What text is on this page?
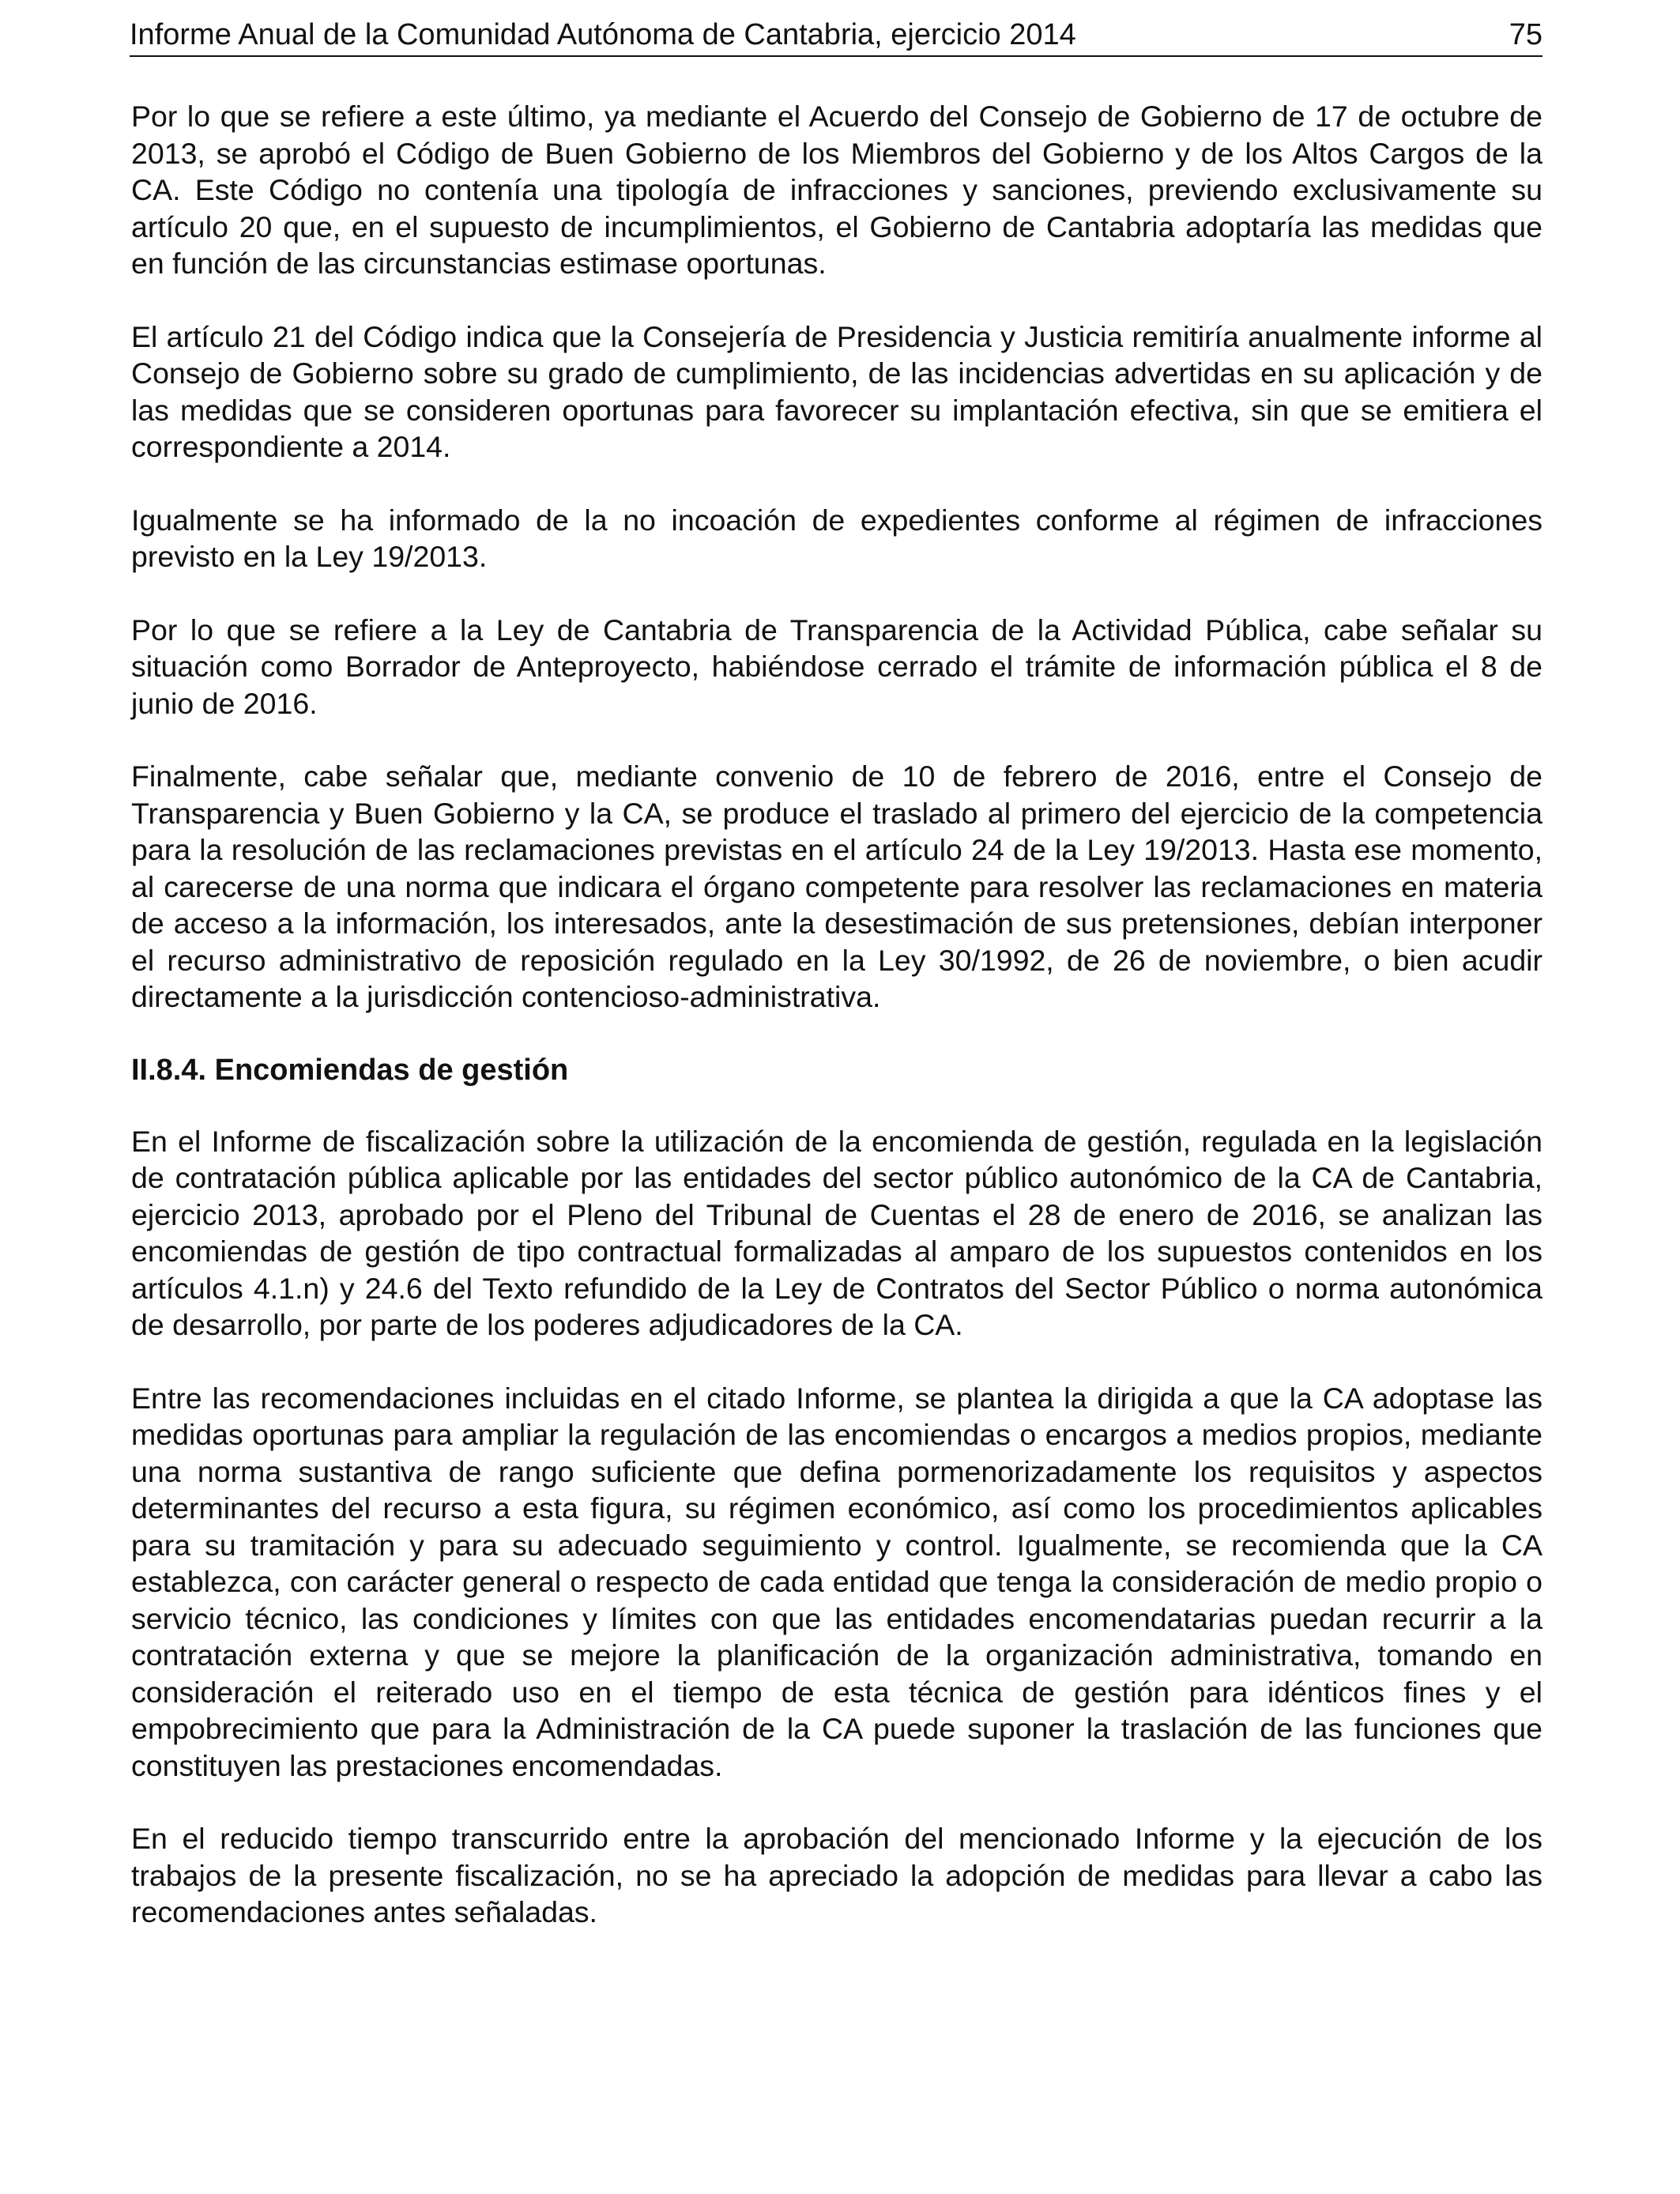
Informe Anual de la Comunidad Autónoma de Cantabria, ejercicio 2014	75

Por lo que se refiere a este último, ya mediante el Acuerdo del Consejo de Gobierno de 17 de octubre de 2013, se aprobó el Código de Buen Gobierno de los Miembros del Gobierno y de los Altos Cargos de la CA. Este Código no contenía una tipología de infracciones y sanciones, previendo exclusivamente su artículo 20 que, en el supuesto de incumplimientos, el Gobierno de Cantabria adoptaría las medidas que en función de las circunstancias estimase oportunas.

El artículo 21 del Código indica que la Consejería de Presidencia y Justicia remitiría anualmente informe al Consejo de Gobierno sobre su grado de cumplimiento, de las incidencias advertidas en su aplicación y de las medidas que se consideren oportunas para favorecer su implantación efectiva, sin que se emitiera el correspondiente a 2014.

Igualmente se ha informado de la no incoación de expedientes conforme al régimen de infracciones previsto en la Ley 19/2013.

Por lo que se refiere a la Ley de Cantabria de Transparencia de la Actividad Pública, cabe señalar su situación como Borrador de Anteproyecto, habiéndose cerrado el trámite de información pública el 8 de junio de 2016.

Finalmente, cabe señalar que, mediante convenio de 10 de febrero de 2016, entre el Consejo de Transparencia y Buen Gobierno y la CA, se produce el traslado al primero del ejercicio de la competencia para la resolución de las reclamaciones previstas en el artículo 24 de la Ley 19/2013. Hasta ese momento, al carecerse de una norma que indicara el órgano competente para resolver las reclamaciones en materia de acceso a la información, los interesados, ante la desestimación de sus pretensiones, debían interponer el recurso administrativo de reposición regulado en la Ley 30/1992, de 26 de noviembre, o bien acudir directamente a la jurisdicción contencioso-administrativa.

II.8.4. Encomiendas de gestión

En el Informe de fiscalización sobre la utilización de la encomienda de gestión, regulada en la legislación de contratación pública aplicable por las entidades del sector público autonómico de la CA de Cantabria, ejercicio 2013, aprobado por el Pleno del Tribunal de Cuentas el 28 de enero de 2016, se analizan las encomiendas de gestión de tipo contractual formalizadas al amparo de los supuestos contenidos en los artículos 4.1.n) y 24.6 del Texto refundido de la Ley de Contratos del Sector Público o norma autonómica de desarrollo, por parte de los poderes adjudicadores de la CA.

Entre las recomendaciones incluidas en el citado Informe, se plantea la dirigida a que la CA adoptase las medidas oportunas para ampliar la regulación de las encomiendas o encargos a medios propios, mediante una norma sustantiva de rango suficiente que defina pormenorizadamente los requisitos y aspectos determinantes del recurso a esta figura, su régimen económico, así como los procedimientos aplicables para su tramitación y para su adecuado seguimiento y control. Igualmente, se recomienda que la CA establezca, con carácter general o respecto de cada entidad que tenga la consideración de medio propio o servicio técnico, las condiciones y límites con que las entidades encomendatarias puedan recurrir a la contratación externa y que se mejore la planificación de la organización administrativa, tomando en consideración el reiterado uso en el tiempo de esta técnica de gestión para idénticos fines y el empobrecimiento que para la Administración de la CA puede suponer la traslación de las funciones que constituyen las prestaciones encomendadas.

En el reducido tiempo transcurrido entre la aprobación del mencionado Informe y la ejecución de los trabajos de la presente fiscalización, no se ha apreciado la adopción de medidas para llevar a cabo las recomendaciones antes señaladas.
